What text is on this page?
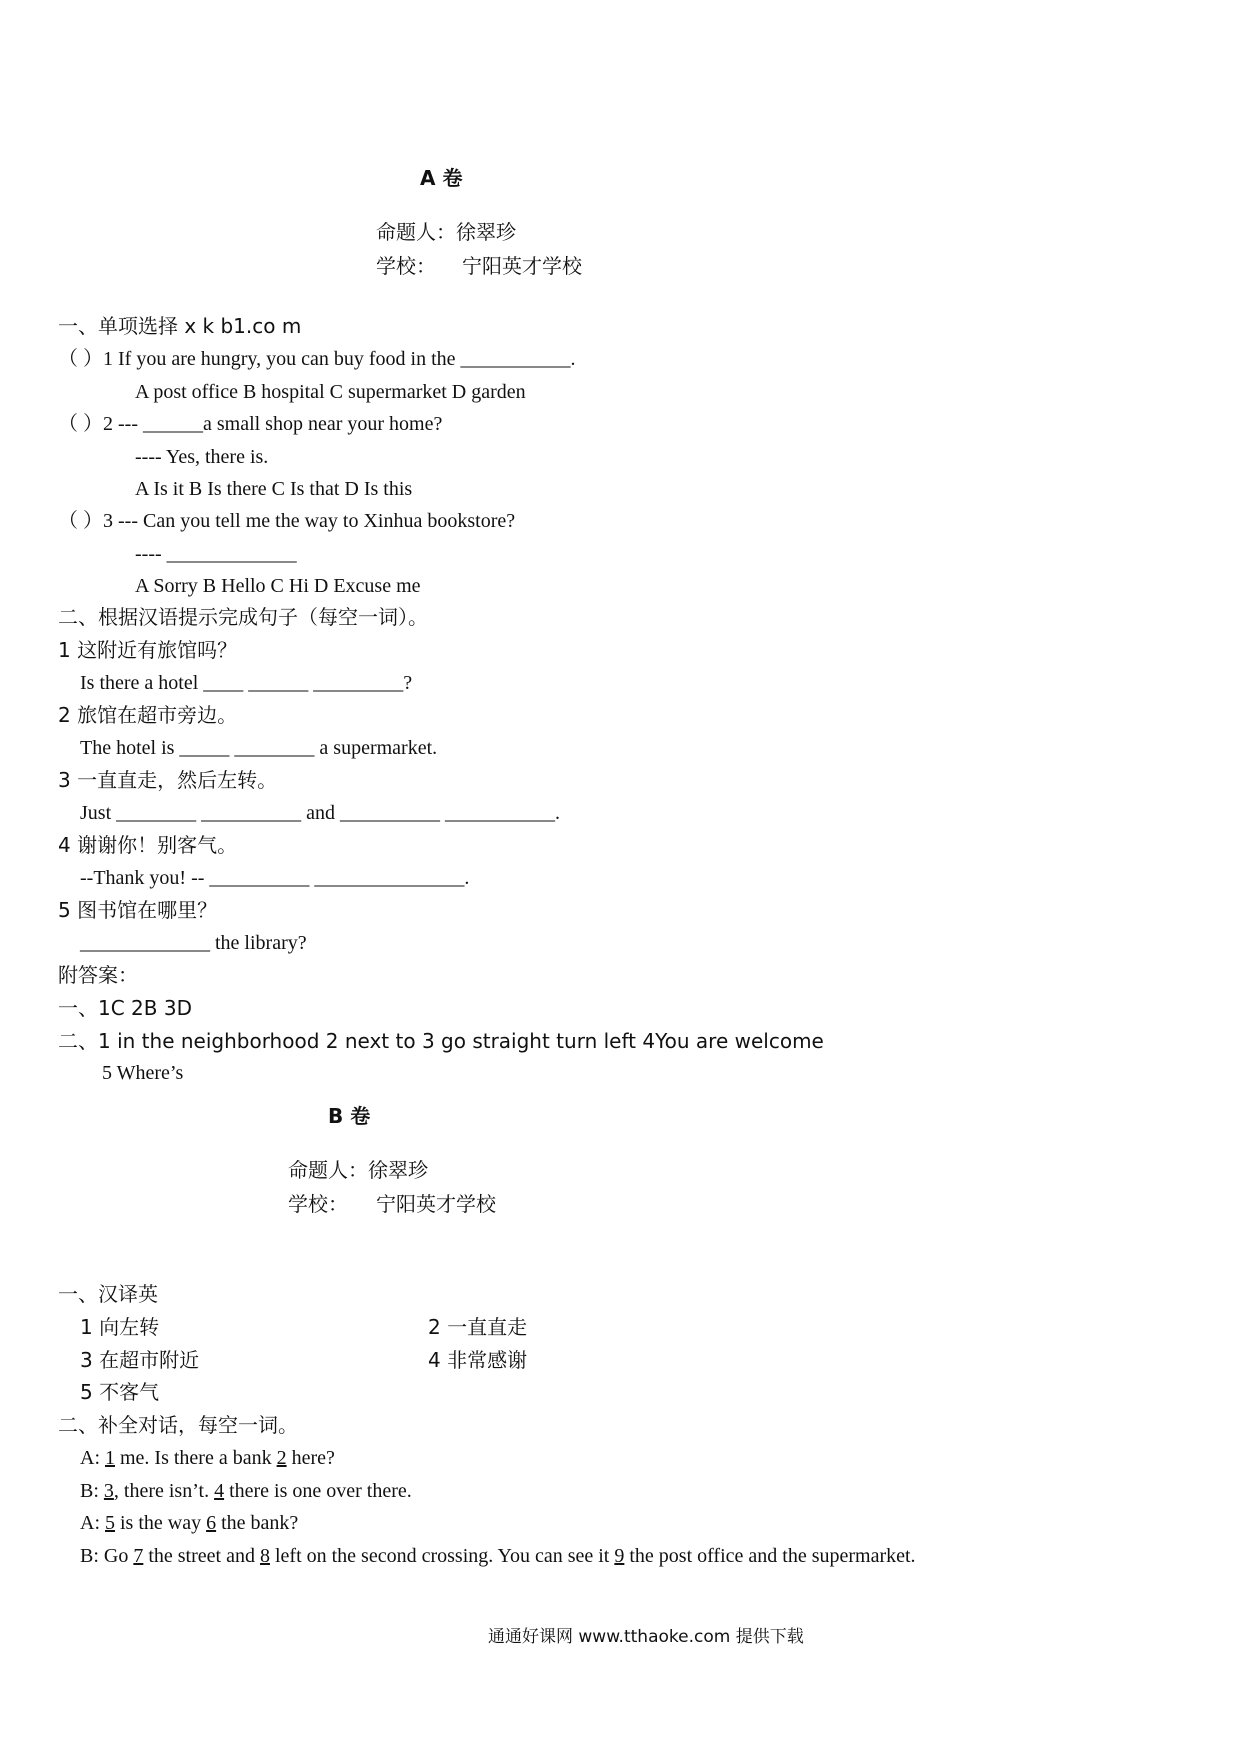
A 卷
命题人：徐翠珍
学校： 宁阳英才学校
一、单项选择 x k b1.co m
（ ）1 If you are hungry, you can buy food in the ___________.
A post office B hospital C supermarket D garden
（ ）2 --- ______a small shop near your home?
---- Yes, there is.
A Is it B Is there C Is that D Is this
（ ）3 --- Can you tell me the way to Xinhua bookstore?
---- _____________
A Sorry B Hello C Hi D Excuse me
二、根据汉语提示完成句子（每空一词）。
1 这附近有旅馆吗？
Is there a hotel ____ ______ _________?
2 旅馆在超市旁边。
The hotel is _____ ________ a supermarket.
3 一直直走，然后左转。
Just ________ __________ and __________ ___________.
4 谢谢你！别客气。
--Thank you! -- __________ _______________.
5 图书馆在哪里？
_____________ the library?
附答案：
一、1C 2B 3D
二、1 in the neighborhood 2 next to 3 go straight turn left 4You are welcome
5 Where’s
B 卷
命题人：徐翠珍
学校： 宁阳英才学校
一、汉译英
1 向左转	2 一直直走
3 在超市附近	4 非常感谢
5 不客气
二、补全对话，每空一词。
A: 1 me. Is there a bank 2 here?
B: 3, there isn’t. 4 there is one over there.
A: 5 is the way 6 the bank?
B: Go 7 the street and 8 left on the second crossing. You can see it 9 the post office and the supermarket.
通通好课网 www.tthaoke.com 提供下载
